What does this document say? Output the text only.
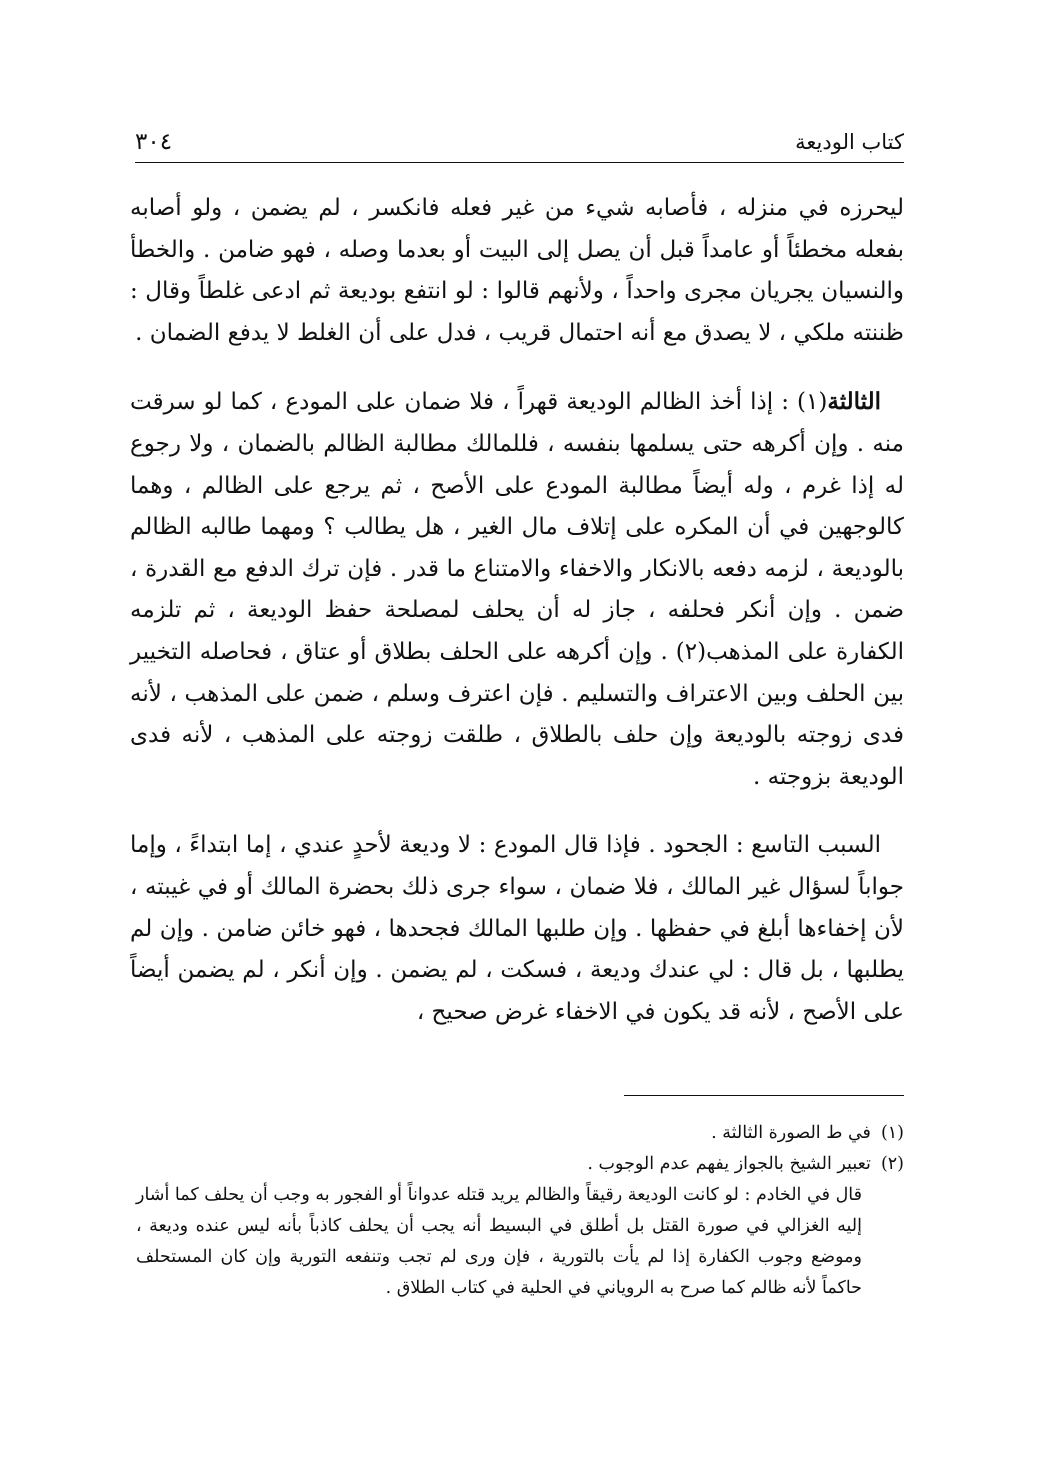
كتاب الوديعة
٣٠٤

ليحرزه في منزله ، فأصابه شيء من غير فعله فانكسر ، لم يضمن ، ولو أصابه بفعله مخطئاً أو عامداً قبل أن يصل إلى البيت أو بعدما وصله ، فهو ضامن . والخطأ والنسيان يجريان مجرى واحداً ، ولأنهم قالوا : لو انتفع بوديعة ثم ادعى غلطاً وقال : ظننته ملكي ، لا يصدق مع أنه احتمال قريب ، فدل على أن الغلط لا يدفع الضمان .

 الثالثة(١) : إذا أخذ الظالم الوديعة قهراً ، فلا ضمان على المودع ، كما لو سرقت منه . وإن أكرهه حتى يسلمها بنفسه ، فللمالك مطالبة الظالم بالضمان ، ولا رجوع له إذا غرم ، وله أيضاً مطالبة المودع على الأصح ، ثم يرجع على الظالم ، وهما كالوجهين في أن المكره على إتلاف مال الغير ، هل يطالب ؟ ومهما طالبه الظالم بالوديعة ، لزمه دفعه بالانكار والاخفاء والامتناع ما قدر . فإن ترك الدفع مع القدرة ، ضمن . وإن أنكر فحلفه ، جاز له أن يحلف لمصلحة حفظ الوديعة ، ثم تلزمه الكفارة على المذهب(٢) . وإن أكرهه على الحلف بطلاق أو عتاق ، فحاصله التخيير بين الحلف وبين الاعتراف والتسليم . فإن اعترف وسلم ، ضمن على المذهب ، لأنه فدى زوجته بالوديعة وإن حلف بالطلاق ، طلقت زوجته على المذهب ، لأنه فدى الوديعة بزوجته .

 السبب التاسع : الجحود . فإذا قال المودع : لا وديعة لأحدٍ عندي ، إما ابتداءً ، وإما جواباً لسؤال غير المالك ، فلا ضمان ، سواء جرى ذلك بحضرة المالك أو في غيبته ، لأن إخفاءها أبلغ في حفظها . وإن طلبها المالك فجحدها ، فهو خائن ضامن . وإن لم يطلبها ، بل قال : لي عندك وديعة ، فسكت ، لم يضمن . وإن أنكر ، لم يضمن أيضاً على الأصح ، لأنه قد يكون في الاخفاء غرض صحيح ،

(١)في ط الصورة الثالثة .

(٢)تعبير الشيخ بالجواز يفهم عدم الوجوب .

قال في الخادم : لو كانت الوديعة رقيقاً والظالم يريد قتله عدواناً أو الفجور به وجب أن يحلف كما أشار إليه الغزالي في صورة القتل بل أطلق في البسيط أنه يجب أن يحلف كاذباً بأنه ليس عنده وديعة ، وموضع وجوب الكفارة إذا لم يأت بالتورية ، فإن ورى لم تجب وتنفعه التورية وإن كان المستحلف حاكماً لأنه ظالم كما صرح به الروياني في الحلية في كتاب الطلاق .
